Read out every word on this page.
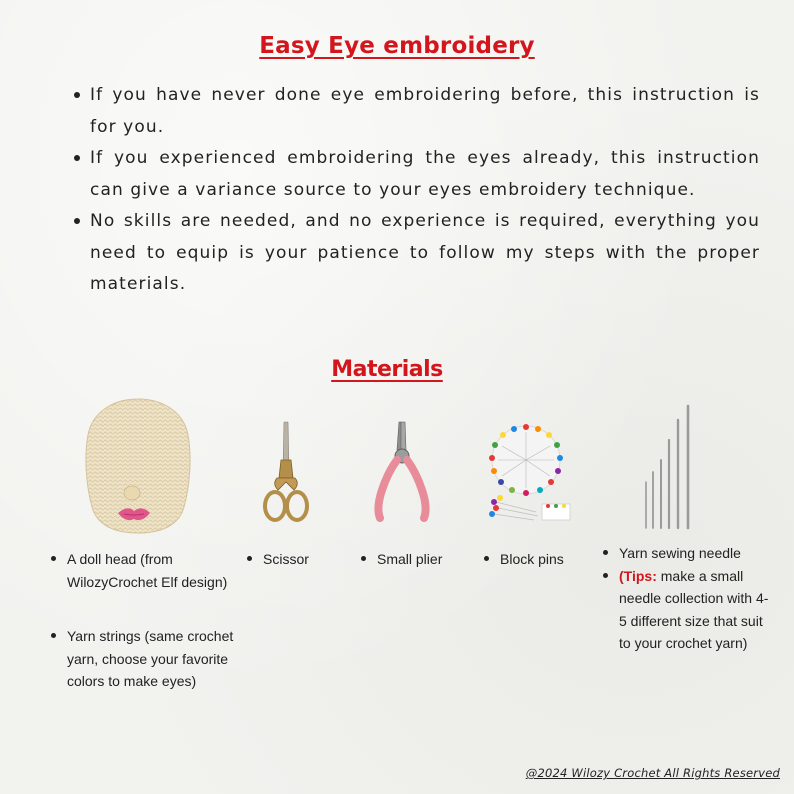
Easy Eye embroidery
If you have never done eye embroidering before, this instruction is for you.
If you experienced embroidering the eyes already, this instruction can give a variance source to your eyes embroidery technique.
No skills are needed, and no experience is required, everything you need to equip is your patience to follow my steps with the proper materials.
Materials
A doll head (from WilozyCrochet Elf design)
Yarn strings (same crochet yarn, choose your favorite colors to make eyes)
Scissor	Small plier	Block pins	Yarn sewing needle
(Tips: make a small needle collection with 4-5 different size that suit to your crochet yarn)
@2024 Wilozy Crochet All Rights Reserved
